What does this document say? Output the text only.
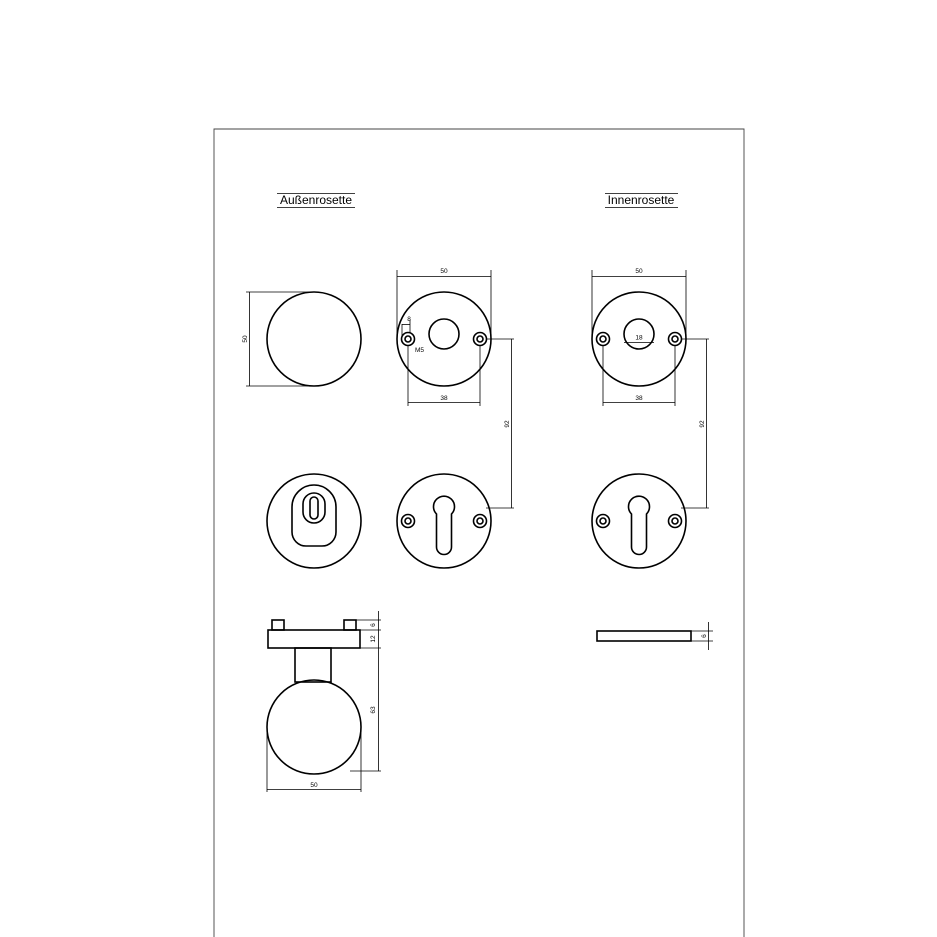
Außenrosette	Innenrosette
50
50
8
M5
38
92
50
18
38
92
6
12
63
50
6
